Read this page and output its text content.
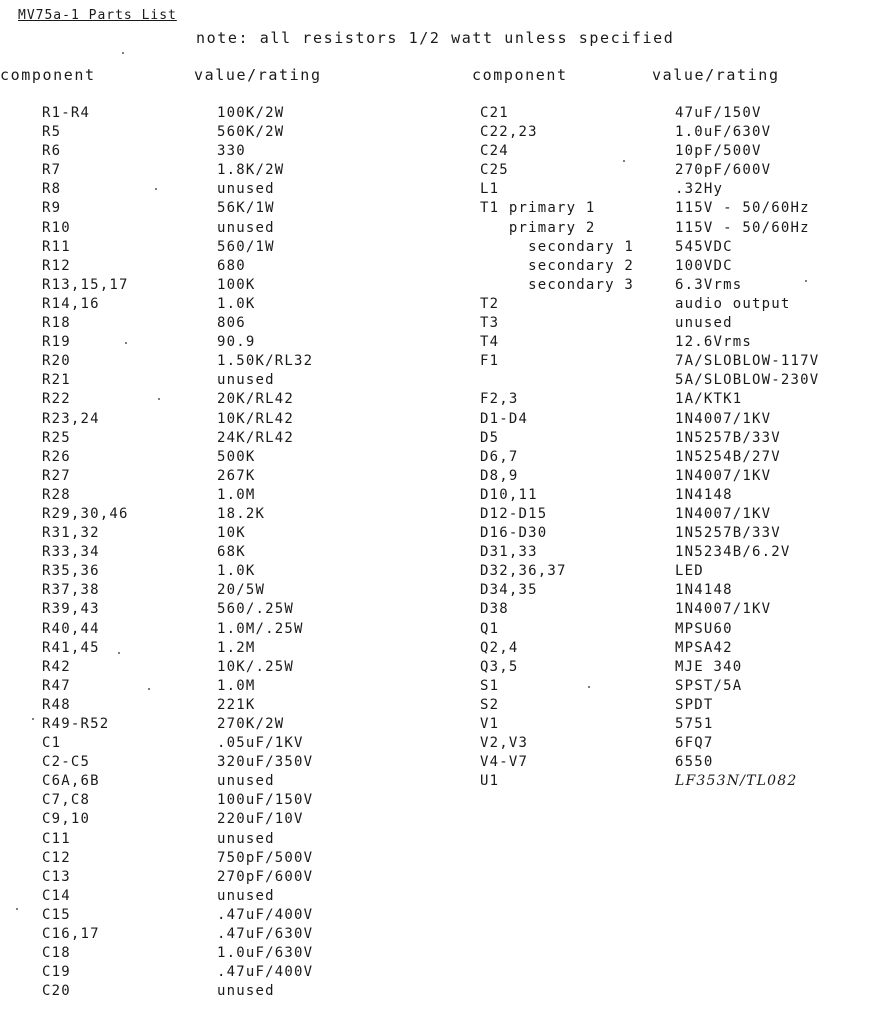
MV75a-1 Parts List
note: all resistors 1/2 watt unless specified
component	value/rating	component	value/rating
R1-R4	100K/2W
R5	560K/2W
R6	330
R7	1.8K/2W
R8	unused
R9	56K/1W
R10	unused
R11	560/1W
R12	680
R13,15,17	100K
R14,16	1.0K
R18	806
R19	90.9
R20	1.50K/RL32
R21	unused
R22	20K/RL42
R23,24	10K/RL42
R25	24K/RL42
R26	500K
R27	267K
R28	1.0M
R29,30,46	18.2K
R31,32	10K
R33,34	68K
R35,36	1.0K
R37,38	20/5W
R39,43	560/.25W
R40,44	1.0M/.25W
R41,45	1.2M
R42	10K/.25W
R47	1.0M
R48	221K
R49-R52	270K/2W
C1	.05uF/1KV
C2-C5	320uF/350V
C6A,6B	unused
C7,C8	100uF/150V
C9,10	220uF/10V
C11	unused
C12	750pF/500V
C13	270pF/600V
C14	unused
C15	.47uF/400V
C16,17	.47uF/630V
C18	1.0uF/630V
C19	.47uF/400V
C20	unused
C21	47uF/150V
C22,23	1.0uF/630V
C24	10pF/500V
C25	270pF/600V
L1	.32Hy
T1 primary 1	115V - 50/60Hz
primary 2	115V - 50/60Hz
secondary 1	545VDC
secondary 2	100VDC
secondary 3	6.3Vrms
T2	audio output
T3	unused
T4	12.6Vrms
F1	7A/SLOBLOW-117V
5A/SLOBLOW-230V
F2,3	1A/KTK1
D1-D4	1N4007/1KV
D5	1N5257B/33V
D6,7	1N5254B/27V
D8,9	1N4007/1KV
D10,11	1N4148
D12-D15	1N4007/1KV
D16-D30	1N5257B/33V
D31,33	1N5234B/6.2V
D32,36,37	LED
D34,35	1N4148
D38	1N4007/1KV
Q1	MPSU60
Q2,4	MPSA42
Q3,5	MJE 340
S1	SPST/5A
S2	SPDT
V1	5751
V2,V3	6FQ7
V4-V7	6550
U1	LF353N/TL082
